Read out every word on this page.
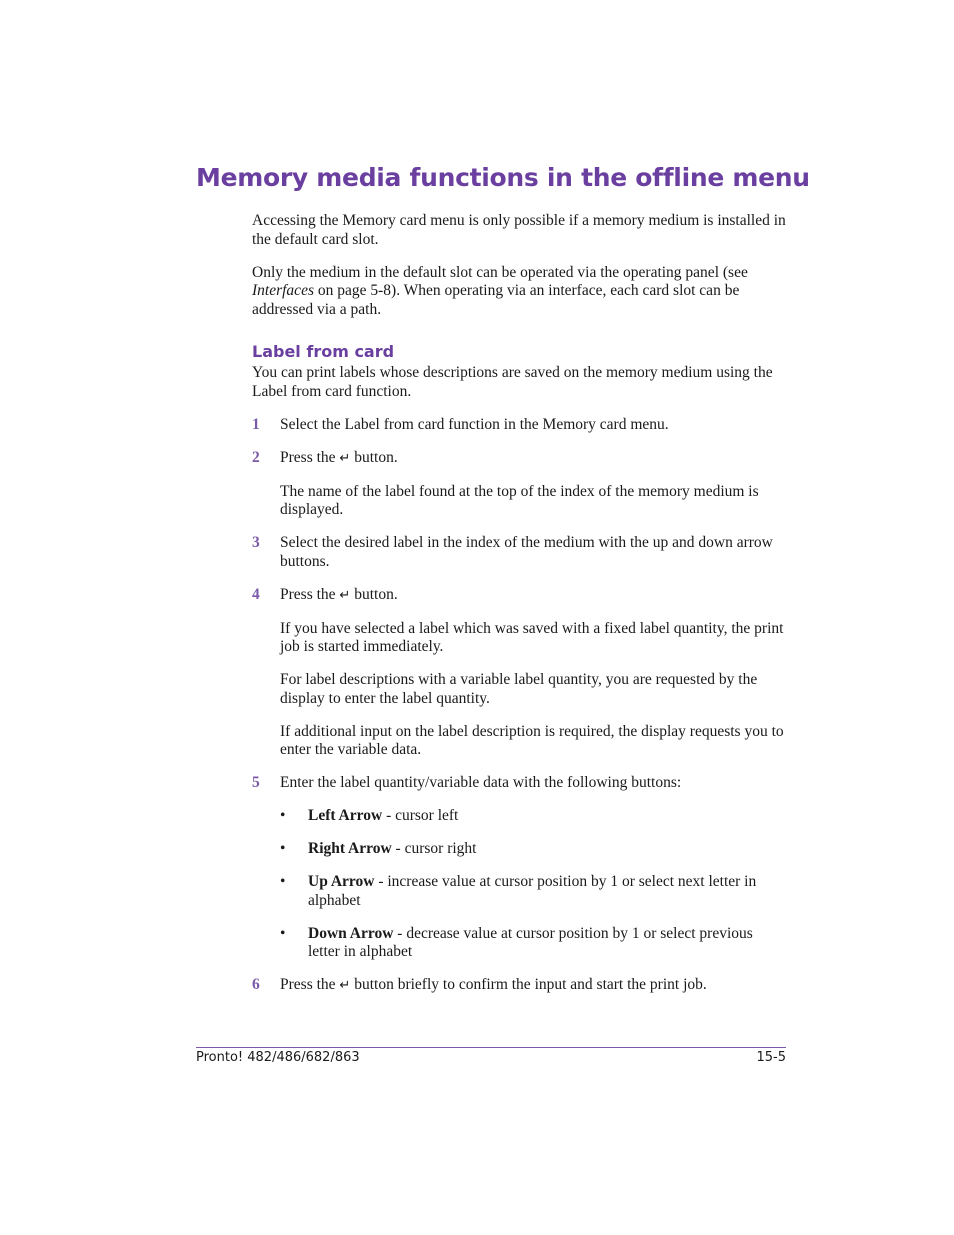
Memory media functions in the offline menu

Accessing the Memory card menu is only possible if a memory medium is installed in the default card slot.

Only the medium in the default slot can be operated via the operating panel (see Interfaces on page 5-8). When operating via an interface, each card slot can be addressed via a path.

Label from card

You can print labels whose descriptions are saved on the memory medium using the Label from card function.

1 Select the Label from card function in the Memory card menu.
2 Press the ↵ button.
The name of the label found at the top of the index of the memory medium is displayed.
3 Select the desired label in the index of the medium with the up and down arrow buttons.
4 Press the ↵ button.
If you have selected a label which was saved with a fixed label quantity, the print job is started immediately.
For label descriptions with a variable label quantity, you are requested by the display to enter the label quantity.
If additional input on the label description is required, the display requests you to enter the variable data.
5 Enter the label quantity/variable data with the following buttons:
• Left Arrow - cursor left
• Right Arrow - cursor right
• Up Arrow - increase value at cursor position by 1 or select next letter in alphabet
• Down Arrow - decrease value at cursor position by 1 or select previous letter in alphabet
6 Press the ↵ button briefly to confirm the input and start the print job.
Pronto! 482/486/682/863	15-5
